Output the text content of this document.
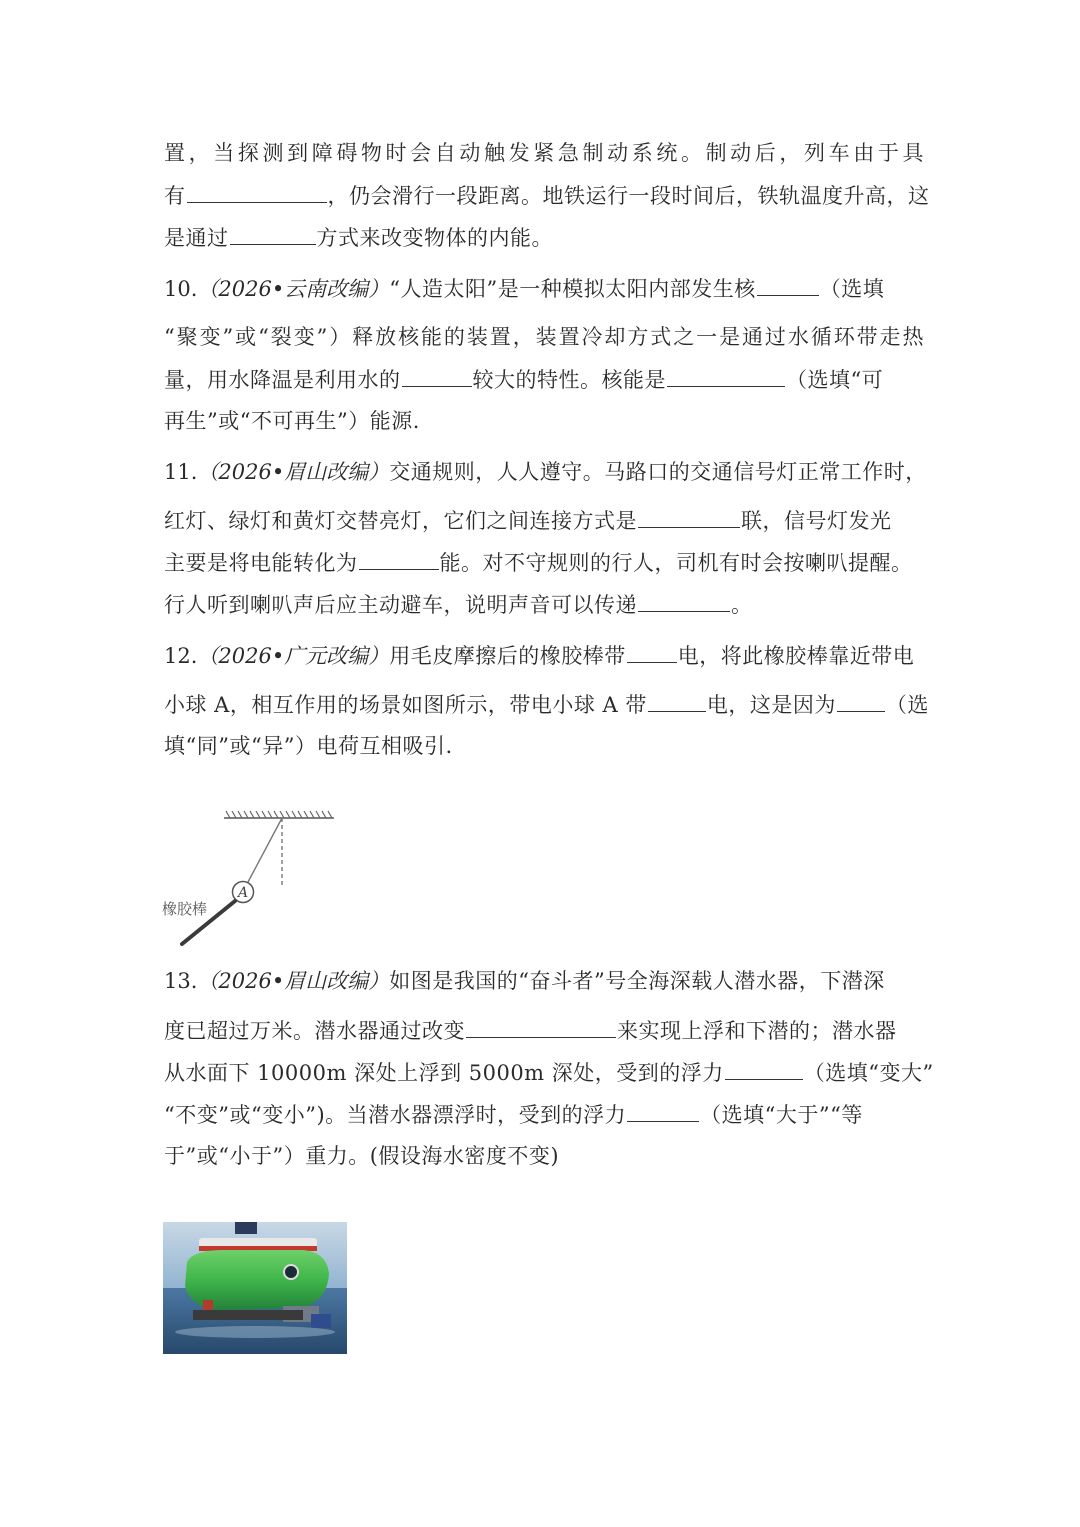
置，当探测到障碍物时会自动触发紧急制动系统。制动后，列车由于具
有	，仍会滑行一段距离。地铁运行一段时间后，铁轨温度升高，这
是通过	方式来改变物体的内能。
10.（2026•云南改编）“人造太阳”是一种模拟太阳内部发生核	（选填
“聚变”或“裂变”）释放核能的装置，装置冷却方式之一是通过水循环带走热
量，用水降温是利用水的	较大的特性。核能是	（选填“可
再生”或“不可再生”）能源.
11.（2026•眉山改编）交通规则，人人遵守。马路口的交通信号灯正常工作时，
红灯、绿灯和黄灯交替亮灯，它们之间连接方式是	联，信号灯发光
主要是将电能转化为	能。对不守规则的行人，司机有时会按喇叭提醒。
行人听到喇叭声后应主动避车，说明声音可以传递	。
12.（2026•广元改编）用毛皮摩擦后的橡胶棒带 电，将此橡胶棒靠近带电
小球 A，相互作用的场景如图所示，带电小球 A 带	电，这是因为 （选
填“同”或“异”）电荷互相吸引.
A
橡胶棒
13.（2026•眉山改编）如图是我国的“奋斗者”号全海深载人潜水器，下潜深
度已超过万米。潜水器通过改变	来实现上浮和下潜的；潜水器
从水面下 10000m 深处上浮到 5000m 深处，受到的浮力	（选填“变大”
“不变”或“变小”)。当潜水器漂浮时，受到的浮力	（选填“大于”“等
于”或“小于”）重力。(假设海水密度不变)
